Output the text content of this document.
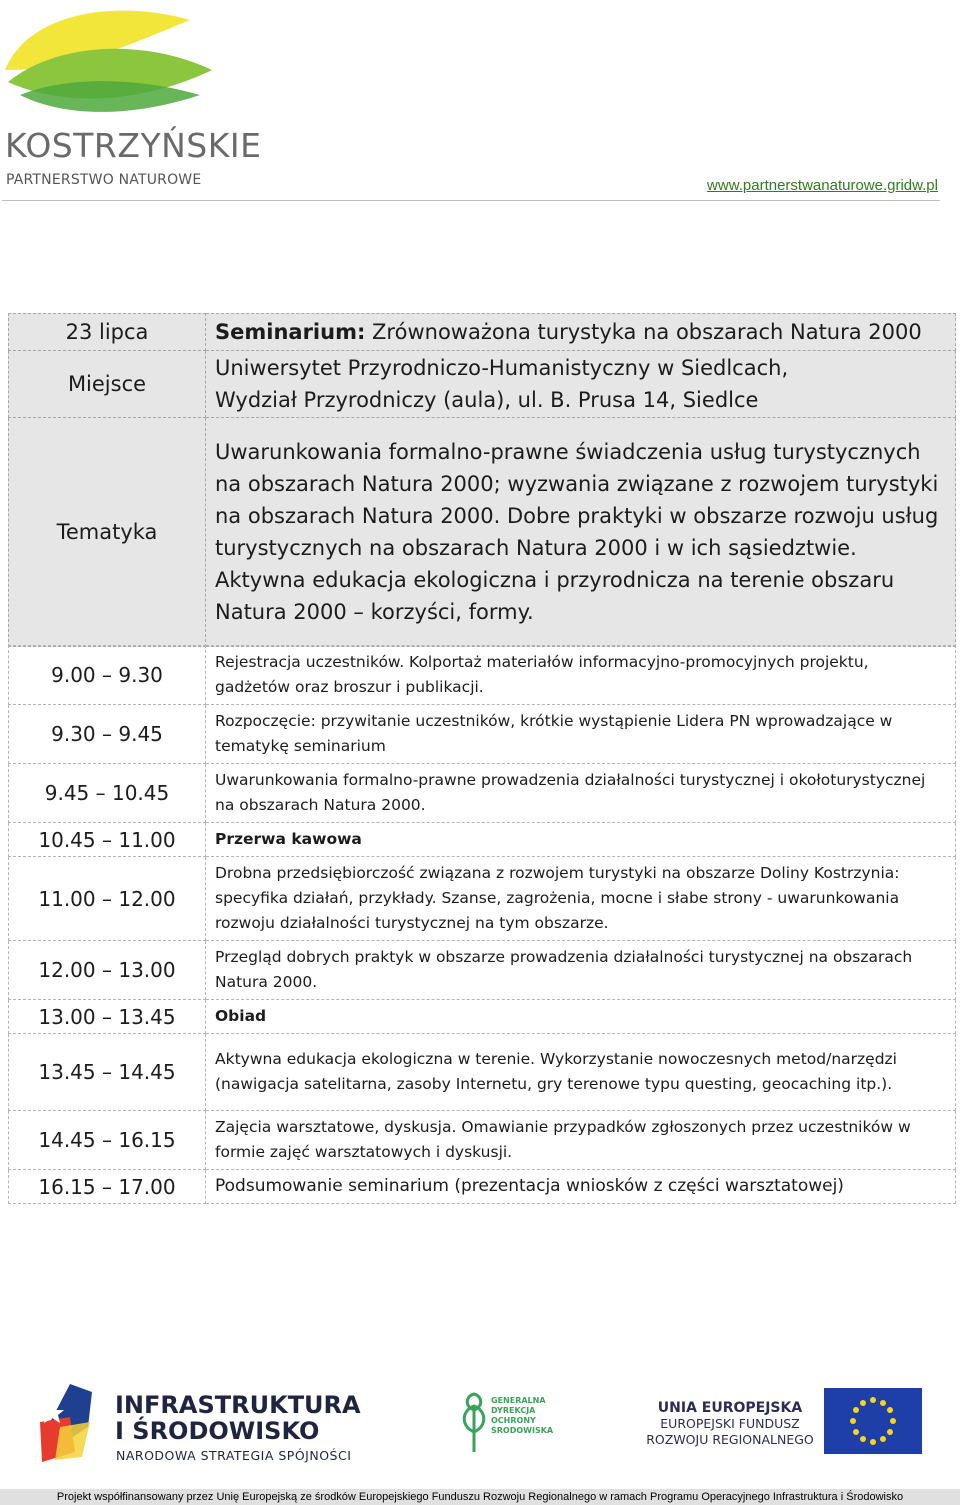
KOSTRZYŃSKIE
PARTNERSTWO NATUROWE	www.partnerstwanaturowe.gridw.pl
23 lipca	Seminarium: Zrównoważona turystyka na obszarach Natura 2000
Miejsce	Uniwersytet Przyrodniczo-Humanistyczny w Siedlcach,
Wydział Przyrodniczy (aula), ul. B. Prusa 14, Siedlce

Tematyka	Uwarunkowania formalno-prawne świadczenia usług turystycznych na obszarach Natura 2000; wyzwania związane z rozwojem turystyki na obszarach Natura 2000. Dobre praktyki w obszarze rozwoju usług turystycznych na obszarach Natura 2000 i w ich sąsiedztwie. Aktywna edukacja ekologiczna i przyrodnicza na terenie obszaru Natura 2000 – korzyści, formy.
9.00 – 9.30	Rejestracja uczestników. Kolportaż materiałów informacyjno-promocyjnych projektu, gadżetów oraz broszur i publikacji.
9.30 – 9.45	Rozpoczęcie: przywitanie uczestników, krótkie wystąpienie Lidera PN wprowadzające w tematykę seminarium
9.45 – 10.45	Uwarunkowania formalno-prawne prowadzenia działalności turystycznej i okołoturystycznej na obszarach Natura 2000.
10.45 – 11.00	Przerwa kawowa
11.00 – 12.00	Drobna przedsiębiorczość związana z rozwojem turystyki na obszarze Doliny Kostrzynia: specyfika działań, przykłady. Szanse, zagrożenia, mocne i słabe strony - uwarunkowania rozwoju działalności turystycznej na tym obszarze.
12.00 – 13.00	Przegląd dobrych praktyk w obszarze prowadzenia działalności turystycznej na obszarach Natura 2000.
13.00 – 13.45	Obiad
13.45 – 14.45	Aktywna edukacja ekologiczna w terenie. Wykorzystanie nowoczesnych metod/narzędzi (nawigacja satelitarna, zasoby Internetu, gry terenowe typu questing, geocaching itp.).
14.45 – 16.15	Zajęcia warsztatowe, dyskusja. Omawianie przypadków zgłoszonych przez uczestników w formie zajęć warsztatowych i dyskusji.
16.15 – 17.00	Podsumowanie seminarium (prezentacja wniosków z części warsztatowej)
INFRASTRUKTURA
I ŚRODOWISKO
NARODOWA STRATEGIA SPÓJNOŚCI
GENERALNA
DYREKCJA
OCHRONY
ŚRODOWISKA
UNIA EUROPEJSKA
EUROPEJSKI FUNDUSZ
ROZWOJU REGIONALNEGO
Projekt współfinansowany przez Unię Europejską ze środków Europejskiego Funduszu Rozwoju Regionalnego w ramach Programu Operacyjnego Infrastruktura i Środowisko
